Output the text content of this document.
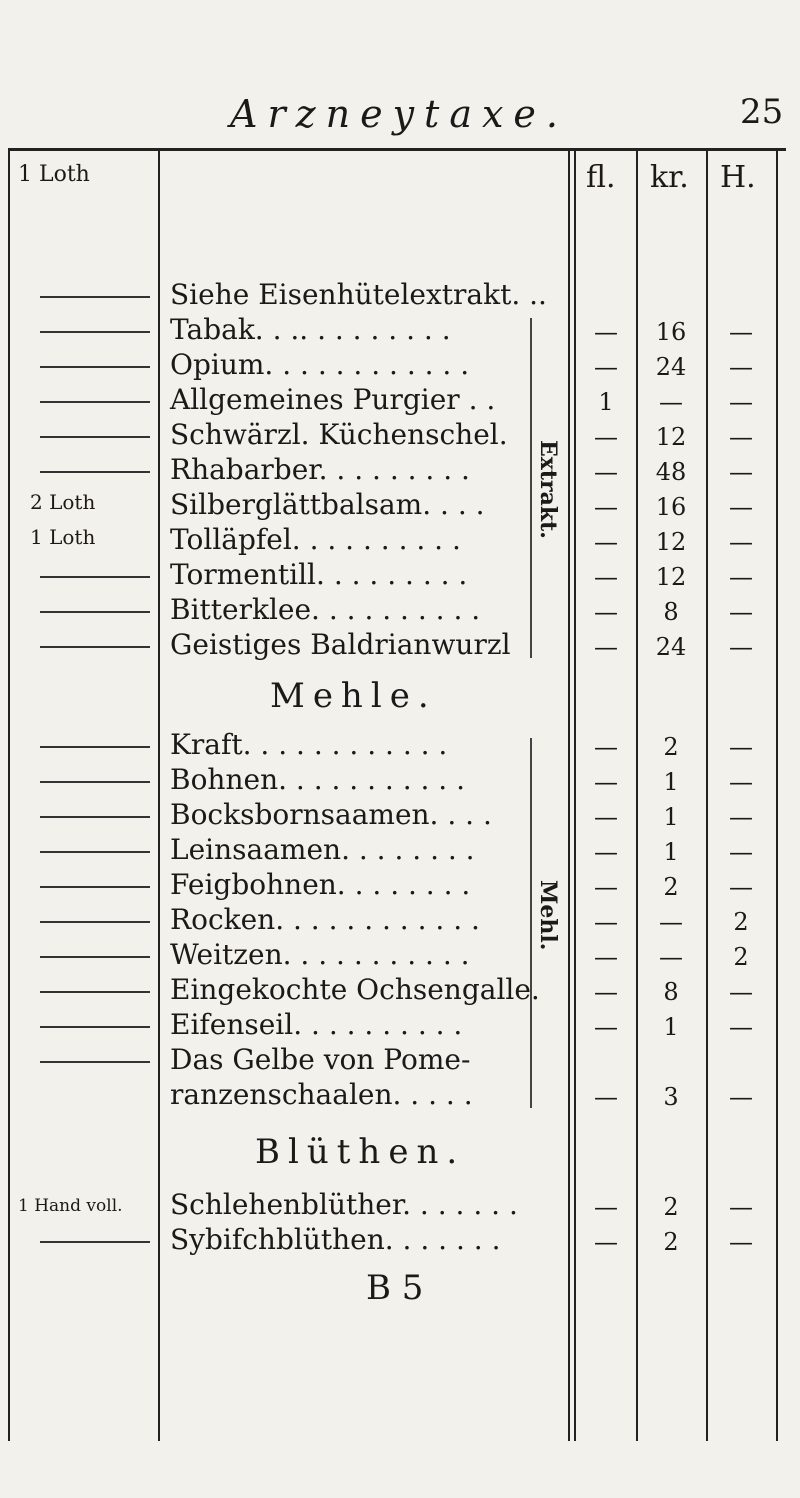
Arzneytaxe.	25
1 Loth	fl. kr. H.
Siehe Eisenhütelextrakt. ..
Tabak. . .. . . . . . . . .	—	16	—
Opium. . . . . . . . . . . .	—	24	—
Allgemeines Purgier . .	1	—	—
Schwärzl. Küchenschel.	—	12	—
Rhabarber. . . . . . . . .	—	48	—
2 Loth	Silberglättbalsam. . . .	—	16	—
1 Loth	Tolläpfel. . . . . . . . . .	—	12	—
Tormentill. . . . . . . . .	—	12	—
Bitterklee. . . . . . . . . .	—	8	—
Geistiges Baldrianwurzl	—	24	—
Extrakt.
Mehle.
Kraft. . . . . . . . . . . .	—	2	—
Bohnen. . . . . . . . . . .	—	1	—
Bocksbornsaamen. . . .	—	1	—
Leinsaamen. . . . . . . .	—	1	—
Feigbohnen. . . . . . . .	—	2	—
Rocken. . . . . . . . . . . .	—	—	2
Weitzen. . . . . . . . . . .	—	—	2
Eingekochte Ochsengalle.	—	8	—
Eifenseil. . . . . . . . . .	—	1	—
Das Gelbe von Pome-
ranzenschaalen. . . . .	—	3	—
Mehl.
Blüthen.
1 Hand voll. Schlehenblüther. . . . . . .	—	2	—
Sybifchblüthen. . . . . . .	—	2	—
B 5
